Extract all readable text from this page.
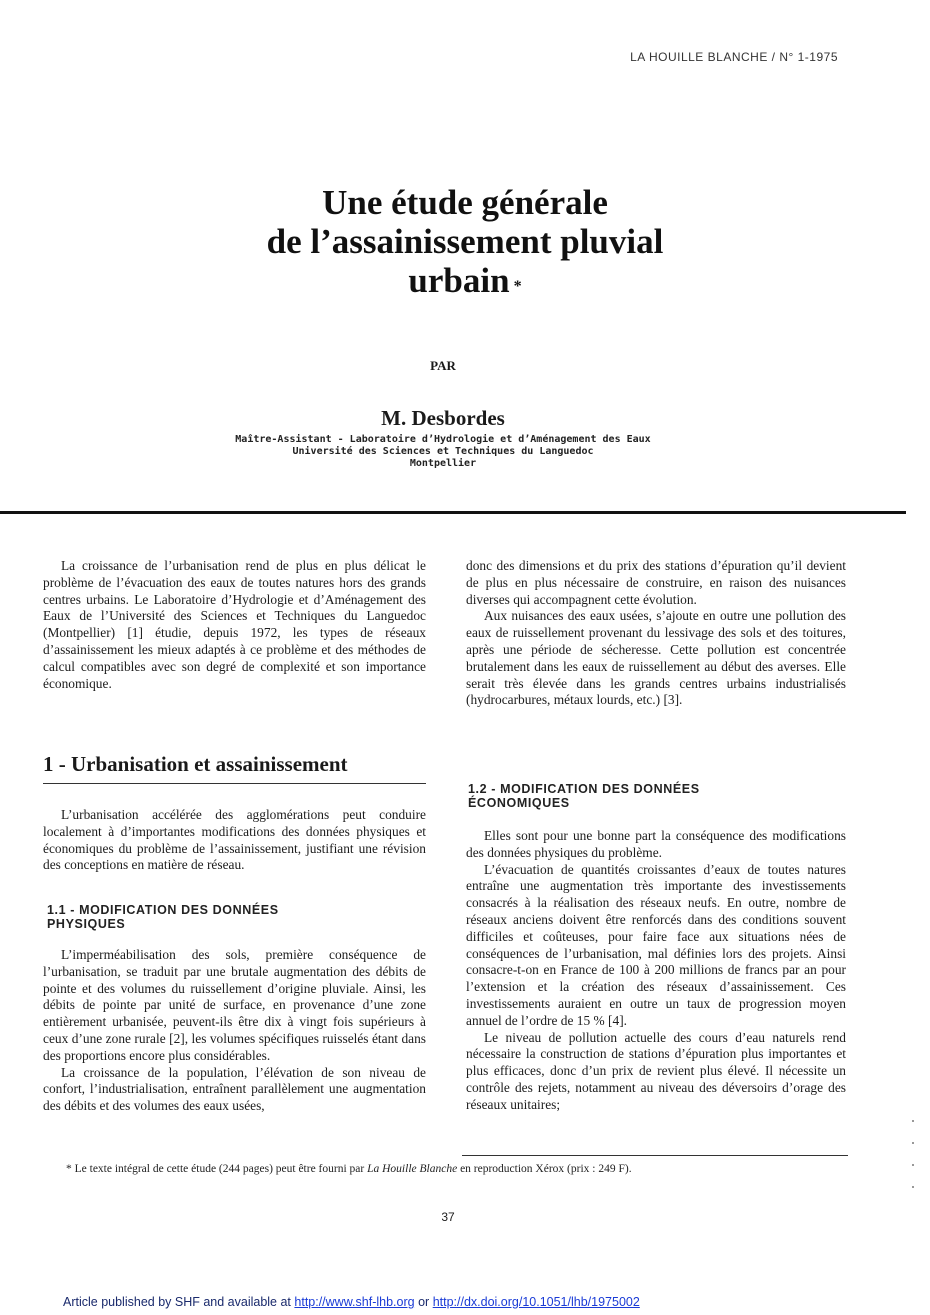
LA HOUILLE BLANCHE / N° 1-1975
Une étude générale
de l’assainissement pluvial
urbain *
PAR
M. Desbordes
Maître-Assistant - Laboratoire d’Hydrologie et d’Aménagement des Eaux
Université des Sciences et Techniques du Languedoc
Montpellier

La croissance de l’urbanisation rend de plus en plus délicat le problème de l’évacuation des eaux de toutes natures hors des grands centres urbains. Le Laboratoire d’Hydrologie et d’Aménagement des Eaux de l’Université des Sciences et Techniques du Languedoc (Montpellier) [1] étudie, depuis 1972, les types de réseaux d’assainissement les mieux adaptés à ce problème et des méthodes de calcul compatibles avec son degré de complexité et son importance économique.

1 - Urbanisation et assainissement

L’urbanisation accélérée des agglomérations peut conduire localement à d’importantes modifications des données physiques et économiques du problème de l’assainissement, justifiant une révision des conceptions en matière de réseau.

1.1 - MODIFICATION DES DONNÉES
PHYSIQUES

L’imperméabilisation des sols, première conséquence de l’urbanisation, se traduit par une brutale augmentation des débits de pointe et des volumes du ruissellement d’origine pluviale. Ainsi, les débits de pointe par unité de surface, en provenance d’une zone entièrement urbanisée, peuvent-ils être dix à vingt fois supérieurs à ceux d’une zone rurale [2], les volumes spécifiques ruisselés étant dans des proportions encore plus considérables.

La croissance de la population, l’élévation de son niveau de confort, l’industrialisation, entraînent parallèlement une augmentation des débits et des volumes des eaux usées,

donc des dimensions et du prix des stations d’épuration qu’il devient de plus en plus nécessaire de construire, en raison des nuisances diverses qui accompagnent cette évolution.

Aux nuisances des eaux usées, s’ajoute en outre une pollution des eaux de ruissellement provenant du lessivage des sols et des toitures, après une période de sécheresse. Cette pollution est concentrée brutalement dans les eaux de ruissellement au début des averses. Elle serait très élevée dans les grands centres urbains industrialisés (hydrocarbures, métaux lourds, etc.) [3].

1.2 - MODIFICATION DES DONNÉES
ÉCONOMIQUES

Elles sont pour une bonne part la conséquence des modifications des données physiques du problème.

L’évacuation de quantités croissantes d’eaux de toutes natures entraîne une augmentation très importante des investissements consacrés à la réalisation des réseaux neufs. En outre, nombre de réseaux anciens doivent être renforcés dans des conditions souvent difficiles et coûteuses, pour faire face aux situations nées de conséquences de l’urbanisation, mal définies lors des projets. Ainsi consacre-t-on en France de 100 à 200 millions de francs par an pour l’extension et la création des réseaux d’assainissement. Ces investissements auraient en outre un taux de progression moyen annuel de l’ordre de 15 % [4].

Le niveau de pollution actuelle des cours d’eau naturels rend nécessaire la construction de stations d’épuration plus importantes et plus efficaces, donc d’un prix de revient plus élevé. Il nécessite un contrôle des rejets, notamment au niveau des déversoirs d’orage des réseaux unitaires;

* Le texte intégral de cette étude (244 pages) peut être fourni par La Houille Blanche en reproduction Xérox (prix : 249 F).
37
Article published by SHF and available at http://www.shf-lhb.org or http://dx.doi.org/10.1051/lhb/1975002
